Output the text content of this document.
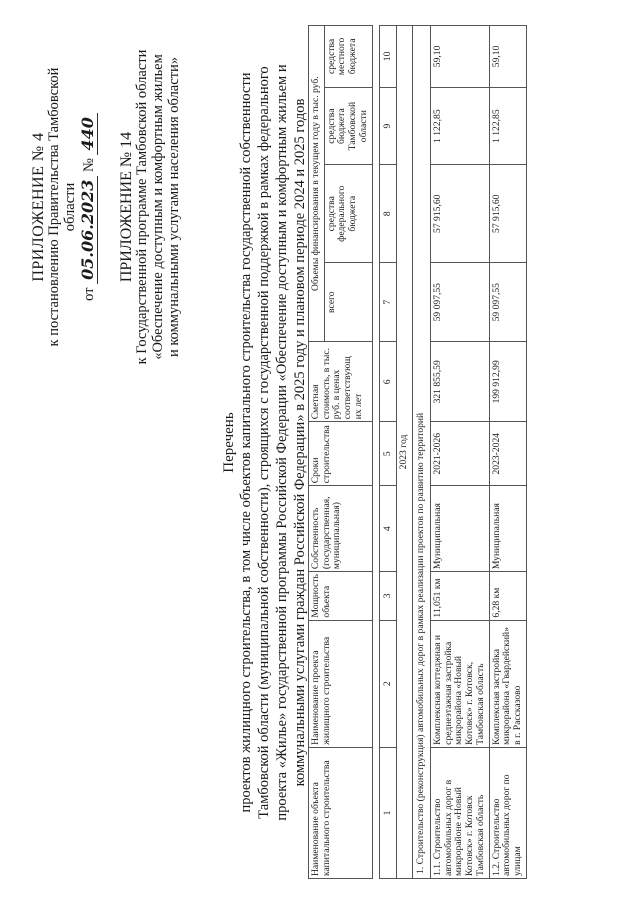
ПРИЛОЖЕНИЕ № 4 к постановлению Правительства Тамбовской области
от 05.06.2023 № 440 ПРИЛОЖЕНИЕ № 14 к Государственной программе Тамбовской области «Обеспечение доступным и комфортным жильем и коммунальными услугами населения области»
Перечень проектов жилищного строительства, в том числе объектов капитального строительства государственной собственности Тамбовской области (муниципальной собственности), строящихся с государственной поддержкой в рамках федерального проекта «Жилье» государственной программы Российской Федерации «Обеспечение доступным и комфортным жильем и коммунальными услугами граждан Российской Федерации» в 2025 году и плановом периоде 2024 и 2025 годов
Наименование объекта капитального строительства	Наименование проекта жилищного строительства	Мощность объекта	Собственность (государственная, муниципальная)	Сроки строительства	Сметная стоимость, в тыс. руб. в ценах соответствующ их лет	Объемы финансирования в текущем году в тыс. руб.			
						всего	средства федерального бюджета	средства бюджета Тамбовской области	средства местного бюджета

1	2	3	4	5	6	7	8	9	10
2023 год									
1. Строительство (реконструкция) автомобильных дорог в рамках реализации проектов по развитию территорий									
1.1. Строительство автомобильных дорог в микрорайоне «Новый Котовск» г. Котовск Тамбовская область	Комплексная коттеджная и среднеэтажная застройка микрорайона «Новый Котовск» г. Котовск, Тамбовская область	11,051 км	Муниципальная	2021-2026	321 855,59	59 097,55	57 915,60	1 122,85	59,10
1.2. Строительство автомобильных дорог по улицам	Комплексная застройка микрорайона «Гвардейский» в г. Рассказово	6,28 км	Муниципальная	2023-2024	199 912,99	59 097,55	57 915,60	1 122,85	59,10
